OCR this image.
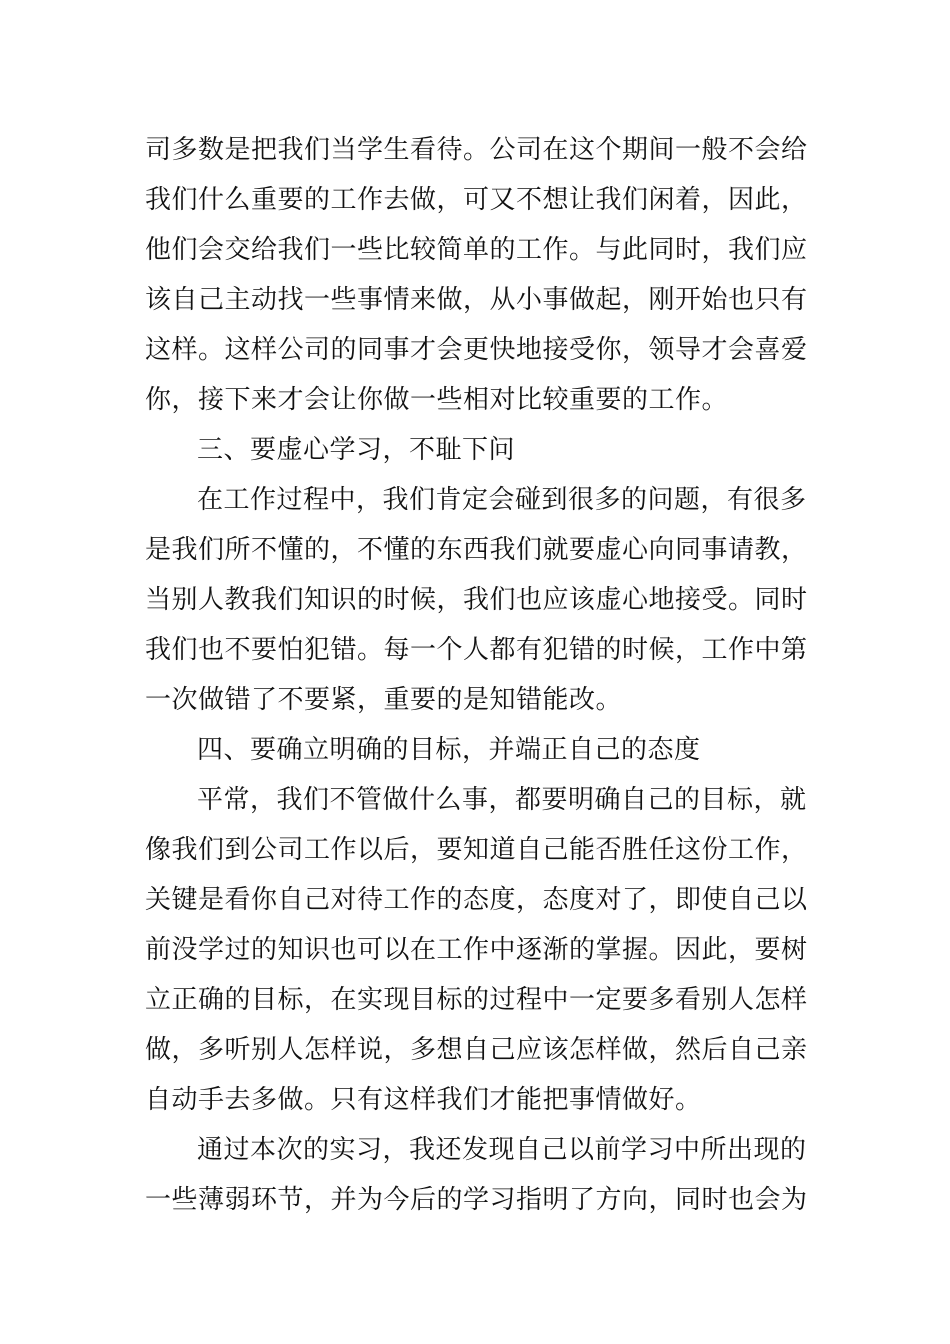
司多数是把我们当学生看待。公司在这个期间一般不会给
我们什么重要的工作去做，可又不想让我们闲着，因此，
他们会交给我们一些比较简单的工作。与此同时，我们应
该自己主动找一些事情来做，从小事做起，刚开始也只有
这样。这样公司的同事才会更快地接受你，领导才会喜爱
你，接下来才会让你做一些相对比较重要的工作。
三、要虚心学习，不耻下问
在工作过程中，我们肯定会碰到很多的问题，有很多
是我们所不懂的，不懂的东西我们就要虚心向同事请教，
当别人教我们知识的时候，我们也应该虚心地接受。同时
我们也不要怕犯错。每一个人都有犯错的时候，工作中第
一次做错了不要紧，重要的是知错能改。
四、要确立明确的目标，并端正自己的态度
平常，我们不管做什么事，都要明确自己的目标，就
像我们到公司工作以后，要知道自己能否胜任这份工作，
关键是看你自己对待工作的态度，态度对了，即使自己以
前没学过的知识也可以在工作中逐渐的掌握。因此，要树
立正确的目标，在实现目标的过程中一定要多看别人怎样
做，多听别人怎样说，多想自己应该怎样做，然后自己亲
自动手去多做。只有这样我们才能把事情做好。
通过本次的实习，我还发现自己以前学习中所出现的
一些薄弱环节，并为今后的学习指明了方向，同时也会为
